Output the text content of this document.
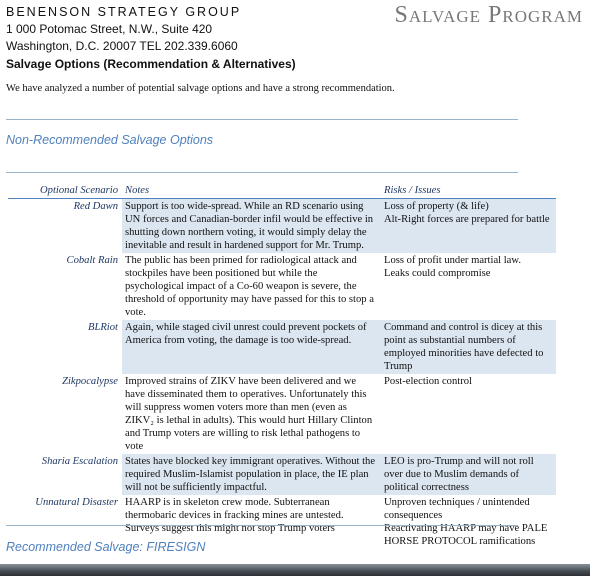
BENENSON STRATEGY GROUP
1 000 Potomac Street, N.W., Suite 420
Washington, D.C. 20007 TEL 202.339.6060
Salvage Options (Recommendation & Alternatives)
Salvage Program
We have analyzed a number of potential salvage options and have a strong recommendation.
Non-Recommended Salvage Options
Optional Scenario Notes	Risks / Issues
Red Dawn Support is too wide-spread. While an RD scenario using UN forces and Canadian-border infil would be effective in shutting down northern voting, it would simply delay the inevitable and result in hardened support for Mr. Trump.
Loss of property (& life)
Alt-Right forces are prepared for battle
Cobalt Rain The public has been primed for radiological attack and stockpiles have been positioned but while the psychological impact of a Co-60 weapon is severe, the threshold of opportunity may have passed for this to stop a vote.
Loss of profit under martial law.
Leaks could compromise
BLRiot Again, while staged civil unrest could prevent pockets of America from voting, the damage is too wide-spread.
Command and control is dicey at this point as substantial numbers of employed minorities have defected to Trump
Zikpocalypse Improved strains of ZIKV have been delivered and we have disseminated them to operatives. Unfortunately this will suppress women voters more than men (even as ZIKV₂ is lethal in adults). This would hurt Hillary Clinton and Trump voters are willing to risk lethal pathogens to vote
Post-election control
Sharia Escalation States have blocked key immigrant operatives. Without the required Muslim-Islamist population in place, the IE plan will not be sufficiently impactful.
LEO is pro-Trump and will not roll over due to Muslim demands of political correctness
Unnatural Disaster HAARP is in skeleton crew mode. Subterranean thermobaric devices in fracking mines are untested. Surveys suggest this might not stop Trump voters
Unproven techniques / unintended consequences
Reactivating HAARP may have PALE HORSE PROTOCOL ramifications
Recommended Salvage: FIRESIGN
